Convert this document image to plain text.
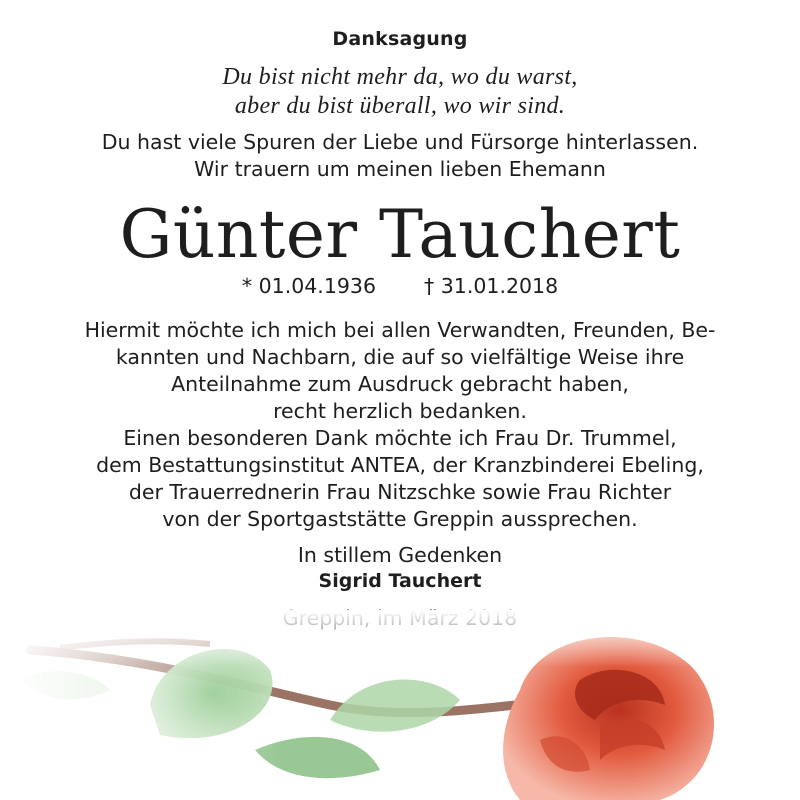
Danksagung
Du bist nicht mehr da, wo du warst,
aber du bist überall, wo wir sind.
Du hast viele Spuren der Liebe und Fürsorge hinterlassen.
Wir trauern um meinen lieben Ehemann
Günter Tauchert
* 01.04.1936 † 31.01.2018
Hiermit möchte ich mich bei allen Verwandten, Freunden, Be-
kannten und Nachbarn, die auf so vielfältige Weise ihre
Anteilnahme zum Ausdruck gebracht haben,
recht herzlich bedanken.
Einen besonderen Dank möchte ich Frau Dr. Trummel,
dem Bestattungsinstitut ANTEA, der Kranzbinderei Ebeling,
der Trauerrednerin Frau Nitzschke sowie Frau Richter
von der Sportgaststätte Greppin aussprechen.
In stillem Gedenken
Sigrid Tauchert
